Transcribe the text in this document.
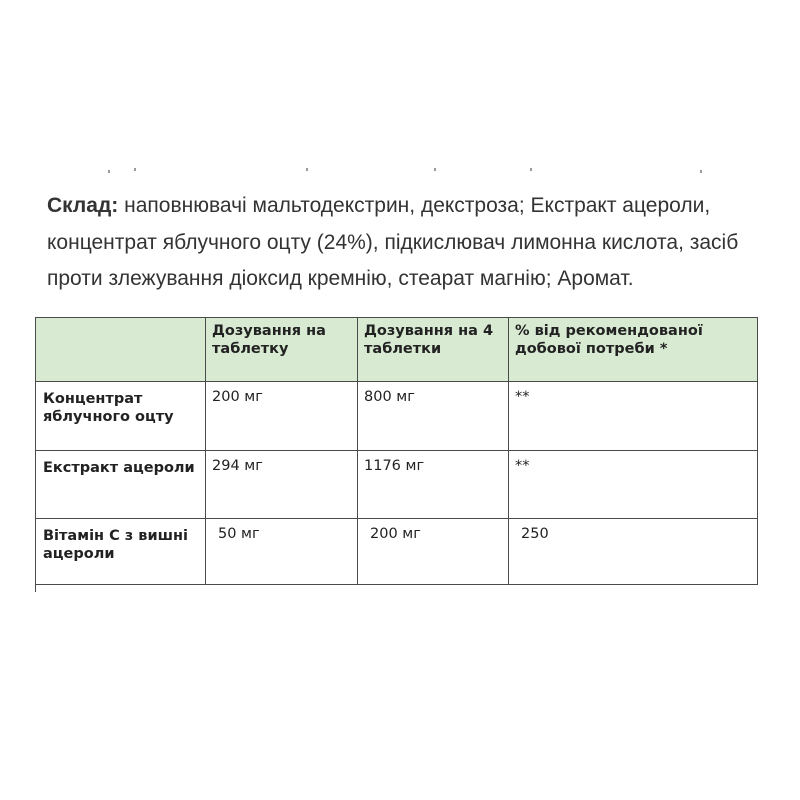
Склад: наповнювачі мальтодекстрин, декстроза; Екстракт ацероли, концентрат яблучного оцту (24%), підкислювач лимонна кислота, засіб проти злежування діоксид кремнію, стеарат магнію; Аромат.

	Дозування на таблетку	Дозування на 4 таблетки	% від рекомендованої добової потреби *
Концентрат яблучного оцту	200 мг	800 мг	**
Екстракт ацероли	294 мг	1176 мг	**
Вітамін С з вишні ацероли	50 мг	200 мг	250
